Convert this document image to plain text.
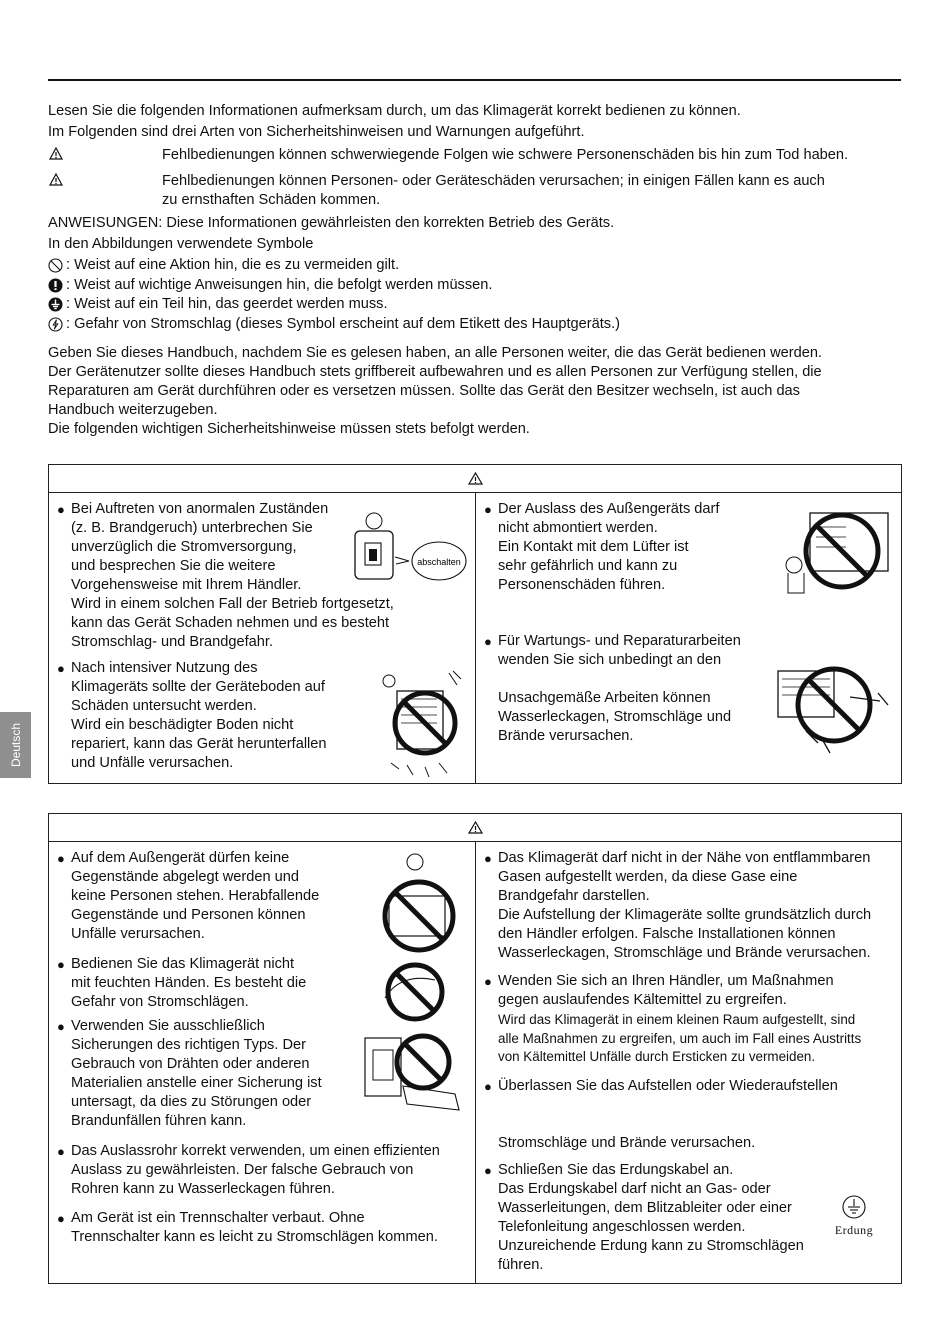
Lesen Sie die folgenden Informationen aufmerksam durch, um das Klimagerät korrekt bedienen zu können.

Im Folgenden sind drei Arten von Sicherheitshinweisen und Warnungen aufgeführt.

Fehlbedienungen können schwerwiegende Folgen wie schwere Personenschäden bis hin zum Tod haben.
Fehlbedienungen können Personen- oder Geräteschäden verursachen; in einigen Fällen kann es auch
zu ernsthaften Schäden kommen.

ANWEISUNGEN: Diese Informationen gewährleisten den korrekten Betrieb des Geräts.

In den Abbildungen verwendete Symbole

: Weist auf eine Aktion hin, die es zu vermeiden gilt.
: Weist auf wichtige Anweisungen hin, die befolgt werden müssen.
: Weist auf ein Teil hin, das geerdet werden muss.
: Gefahr von Stromschlag (dieses Symbol erscheint auf dem Etikett des Hauptgeräts.)
Geben Sie dieses Handbuch, nachdem Sie es gelesen haben, an alle Personen weiter, die das Gerät bedienen werden.
Der Gerätenutzer sollte dieses Handbuch stets griffbereit aufbewahren und es allen Personen zur Verfügung stellen, die
Reparaturen am Gerät durchführen oder es versetzen müssen. Sollte das Gerät den Besitzer wechseln, ist auch das
Handbuch weiterzugeben.
Die folgenden wichtigen Sicherheitshinweise müssen stets befolgt werden.
abschalten
● Bei Auftreten von anormalen Zuständen
(z. B. Brandgeruch) unterbrechen Sie
unverzüglich die Stromversorgung,
und besprechen Sie die weitere
Vorgehensweise mit Ihrem Händler.
Wird in einem solchen Fall der Betrieb fortgesetzt,
kann das Gerät Schaden nehmen und es besteht
Stromschlag- und Brandgefahr.
● Nach intensiver Nutzung des
Klimageräts sollte der Geräteboden auf
Schäden untersucht werden.
Wird ein beschädigter Boden nicht
repariert, kann das Gerät herunterfallen
und Unfälle verursachen.
● Der Auslass des Außengeräts darf
nicht abmontiert werden.
Ein Kontakt mit dem Lüfter ist
sehr gefährlich und kann zu
Personenschäden führen.
● Für Wartungs- und Reparaturarbeiten
wenden Sie sich unbedingt an den

Unsachgemäße Arbeiten können
Wasserleckagen, Stromschläge und
Brände verursachen.
● Auf dem Außengerät dürfen keine
Gegenstände abgelegt werden und
keine Personen stehen. Herabfallende
Gegenstände und Personen können
Unfälle verursachen.
● Bedienen Sie das Klimagerät nicht
mit feuchten Händen. Es besteht die
Gefahr von Stromschlägen.
● Verwenden Sie ausschließlich
Sicherungen des richtigen Typs. Der
Gebrauch von Drähten oder anderen
Materialien anstelle einer Sicherung ist
untersagt, da dies zu Störungen oder
Brandunfällen führen kann.
● Das Auslassrohr korrekt verwenden, um einen effizienten
Auslass zu gewährleisten. Der falsche Gebrauch von
Rohren kann zu Wasserleckagen führen.
● Am Gerät ist ein Trennschalter verbaut. Ohne
Trennschalter kann es leicht zu Stromschlägen kommen.	Erdung
● Das Klimagerät darf nicht in der Nähe von entflammbaren
Gasen aufgestellt werden, da diese Gase eine
Brandgefahr darstellen.
Die Aufstellung der Klimageräte sollte grundsätzlich durch
den Händler erfolgen. Falsche Installationen können
Wasserleckagen, Stromschläge und Brände verursachen.
● Wenden Sie sich an Ihren Händler, um Maßnahmen
gegen auslaufendes Kältemittel zu ergreifen.
Wird das Klimagerät in einem kleinen Raum aufgestellt, sind
alle Maßnahmen zu ergreifen, um auch im Fall eines Austritts
von Kältemittel Unfälle durch Ersticken zu vermeiden.
● Überlassen Sie das Aufstellen oder Wiederaufstellen

Stromschläge und Brände verursachen.
● Schließen Sie das Erdungskabel an.
Das Erdungskabel darf nicht an Gas- oder
Wasserleitungen, dem Blitzableiter oder einer
Telefonleitung angeschlossen werden.
Unzureichende Erdung kann zu Stromschlägen
führen.
Deutsch
